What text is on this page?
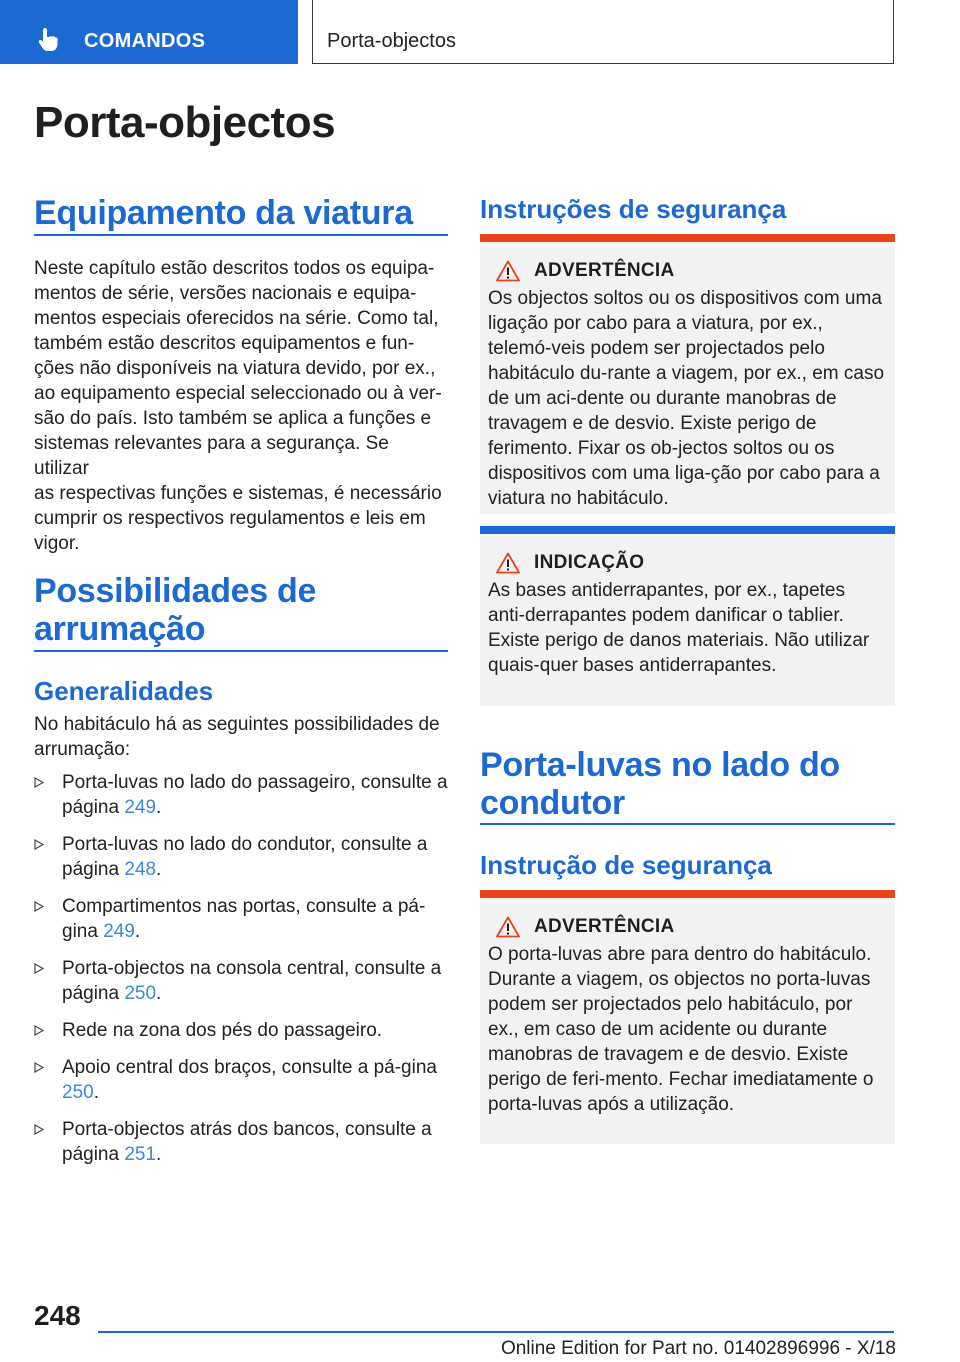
COMANDOS	Porta-objectos
Porta-objectos
Equipamento da viatura

Neste capítulo estão descritos todos os equipa-
mentos de série, versões nacionais e equipa-
mentos especiais oferecidos na série. Como tal,
também estão descritos equipamentos e fun-
ções não disponíveis na viatura devido, por ex.,
ao equipamento especial seleccionado ou à ver-
são do país. Isto também se aplica a funções e
sistemas relevantes para a segurança. Se utilizar
as respectivas funções e sistemas, é necessário
cumprir os respectivos regulamentos e leis em
vigor.

Possibilidades de arrumação
Generalidades

No habitáculo há as seguintes possibilidades de arrumação:

Porta-luvas no lado do passageiro, consulte a página 249.
Porta-luvas no lado do condutor, consulte a página 248.
Compartimentos nas portas, consulte a pá-gina 249.
Porta-objectos na consola central, consulte a página 250.
Rede na zona dos pés do passageiro.
Apoio central dos braços, consulte a pá-gina 250.
Porta-objectos atrás dos bancos, consulte a página 251.
Instruções de segurança
ADVERTÊNCIA

Os objectos soltos ou os dispositivos com uma ligação por cabo para a viatura, por ex., telemó-veis podem ser projectados pelo habitáculo du-rante a viagem, por ex., em caso de um aci-dente ou durante manobras de travagem e de desvio. Existe perigo de ferimento. Fixar os ob-jectos soltos ou os dispositivos com uma liga-ção por cabo para a viatura no habitáculo.

INDICAÇÃO

As bases antiderrapantes, por ex., tapetes anti-derrapantes podem danificar o tablier. Existe perigo de danos materiais. Não utilizar quais-quer bases antiderrapantes.

Porta-luvas no lado do condutor
Instrução de segurança
ADVERTÊNCIA

O porta-luvas abre para dentro do habitáculo. Durante a viagem, os objectos no porta-luvas podem ser projectados pelo habitáculo, por ex., em caso de um acidente ou durante manobras de travagem e de desvio. Existe perigo de feri-mento. Fechar imediatamente o porta-luvas após a utilização.

248
Online Edition for Part no. 01402896996 - X/18
